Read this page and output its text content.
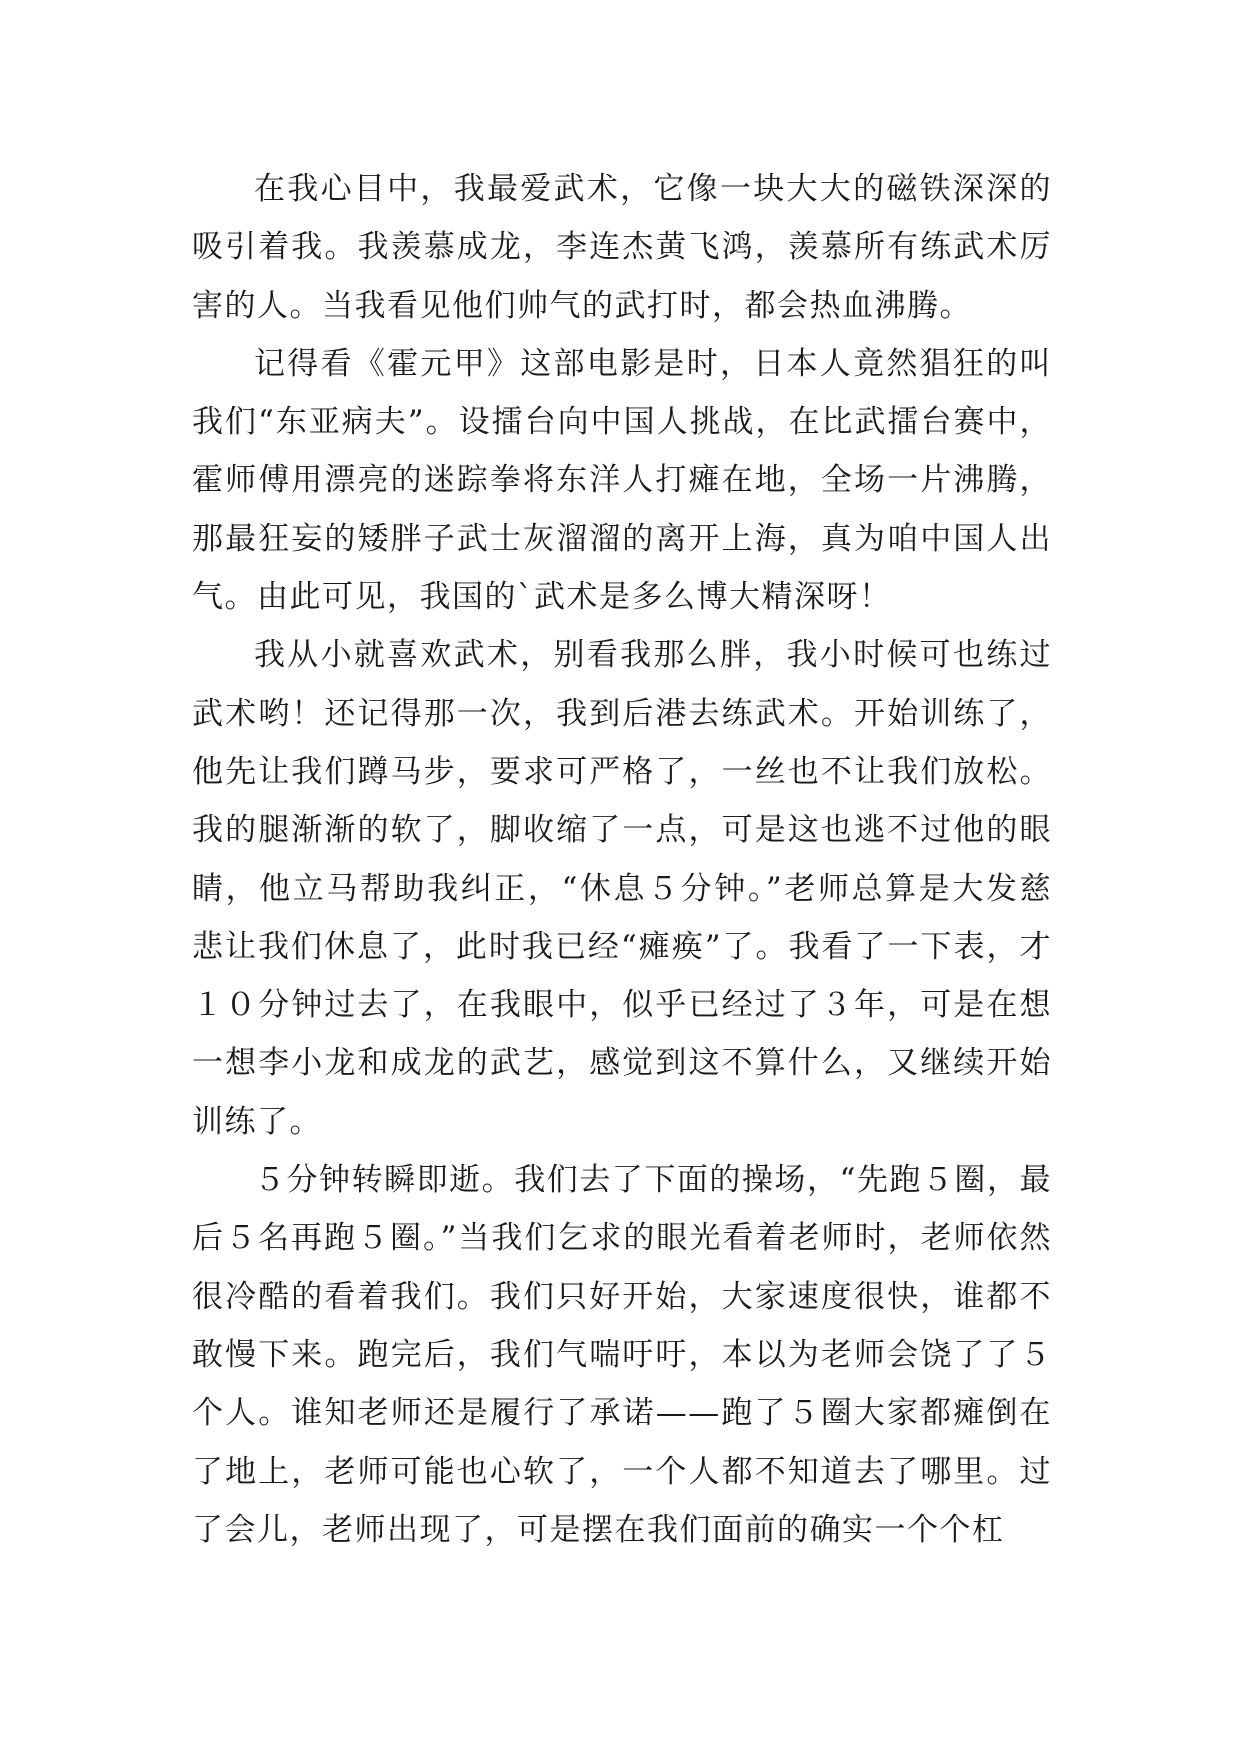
在我心目中，我最爱武术，它像一块大大的磁铁深深的吸引着我。我羡慕成龙，李连杰黄飞鸿，羡慕所有练武术厉害的人。当我看见他们帅气的武打时，都会热血沸腾。

记得看《霍元甲》这部电影是时，日本人竟然猖狂的叫我们“东亚病夫”。设擂台向中国人挑战，在比武擂台赛中，霍师傅用漂亮的迷踪拳将东洋人打瘫在地，全场一片沸腾，那最狂妄的矮胖子武士灰溜溜的离开上海，真为咱中国人出气。由此可见，我国的`武术是多么博大精深呀！

我从小就喜欢武术，别看我那么胖，我小时候可也练过武术哟！还记得那一次，我到后港去练武术。开始训练了，他先让我们蹲马步，要求可严格了，一丝也不让我们放松。我的腿渐渐的软了，脚收缩了一点，可是这也逃不过他的眼睛，他立马帮助我纠正，“休息５分钟。”老师总算是大发慈悲让我们休息了，此时我已经“瘫痪”了。我看了一下表，才１０分钟过去了，在我眼中，似乎已经过了３年，可是在想一想李小龙和成龙的武艺，感觉到这不算什么，又继续开始训练了。

５分钟转瞬即逝。我们去了下面的操场，“先跑５圈，最后５名再跑５圈。”当我们乞求的眼光看着老师时，老师依然很冷酷的看着我们。我们只好开始，大家速度很快，谁都不敢慢下来。跑完后，我们气喘吁吁，本以为老师会饶了了５个人。谁知老师还是履行了承诺——跑了５圈大家都瘫倒在了地上，老师可能也心软了，一个人都不知道去了哪里。过了会儿，老师出现了，可是摆在我们面前的确实一个个杠
